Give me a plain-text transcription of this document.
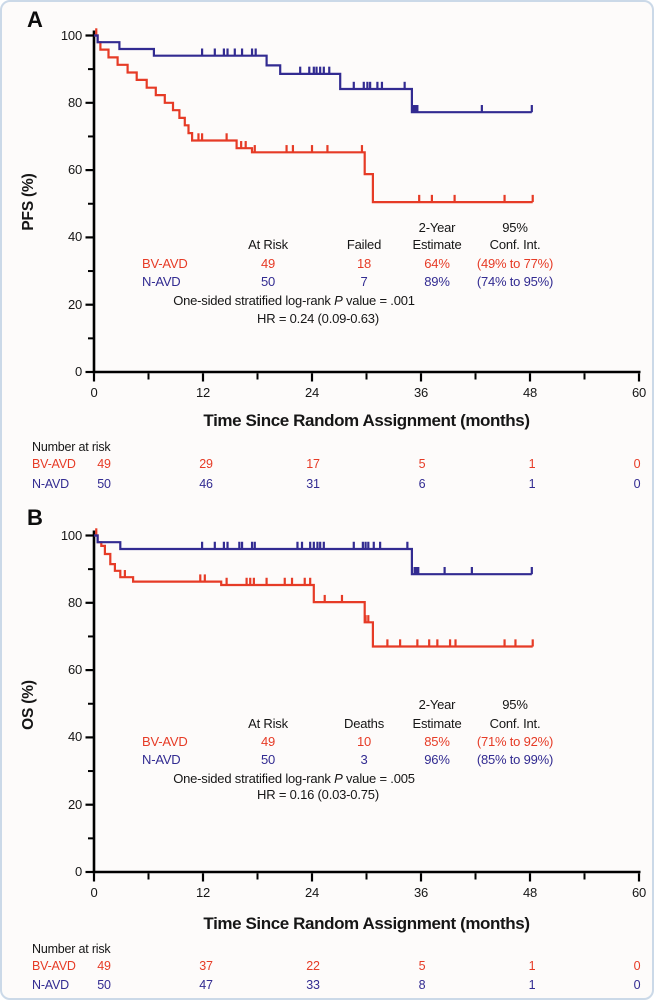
A
PFS (%)
Time Since Random Assignment (months)
One-sided stratified log-rank P value = .001
HR = 0.24 (0.09-0.63)
Number at risk
B
OS (%)
Time Since Random Assignment (months)
One-sided stratified log-rank P value = .005
HR = 0.16 (0.03-0.75)
Number at risk
0
20
40
60
80
100
0	12	24	36	48	60
2-Year	95%
At Risk	Failed	Estimate	Conf. Int.
BV-AVD	49	18	64%	(49% to 77%)
N-AVD	50	7	89%	(74% to 95%)
BV-AVD	49	29	17	5	1	0
N-AVD	50	46	31	6	1	0
0
20
40
60
80
100
0	12	24	36	48	60
2-Year	95%
At Risk	Deaths	Estimate	Conf. Int.
BV-AVD	49	10	85%	(71% to 92%)
N-AVD	50	3	96%	(85% to 99%)
BV-AVD	49	37	22	5	1	0
N-AVD	50	47	33	8	1	0
